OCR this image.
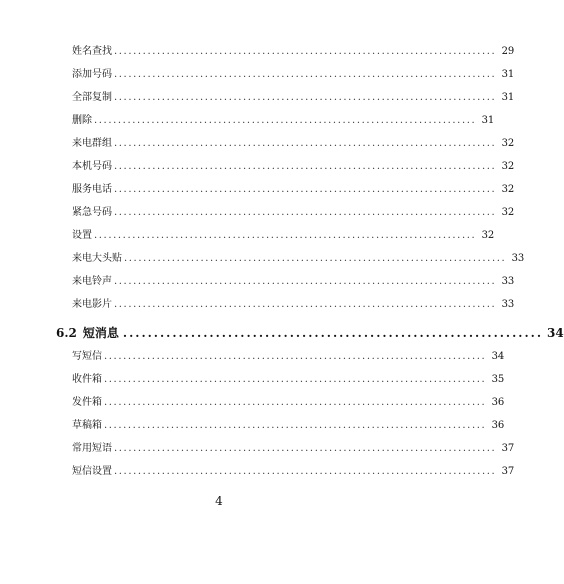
姓名查找 ................................................................................ 29
添加号码 ................................................................................ 31
全部复制 ................................................................................ 31
删除 ................................................................................ 31
来电群组 ................................................................................ 32
本机号码 ................................................................................ 32
服务电话 ................................................................................ 32
紧急号码 ................................................................................ 32
设置 ................................................................................ 32
来电大头贴 ................................................................................ 33
来电铃声 ................................................................................ 33
来电影片 ................................................................................ 33
6.2 短消息 .................................................................... 34
写短信 ................................................................................ 34
收件箱 ................................................................................ 35
发件箱 ................................................................................ 36
草稿箱 ................................................................................ 36
常用短语 ................................................................................ 37
短信设置 ................................................................................ 37
4
